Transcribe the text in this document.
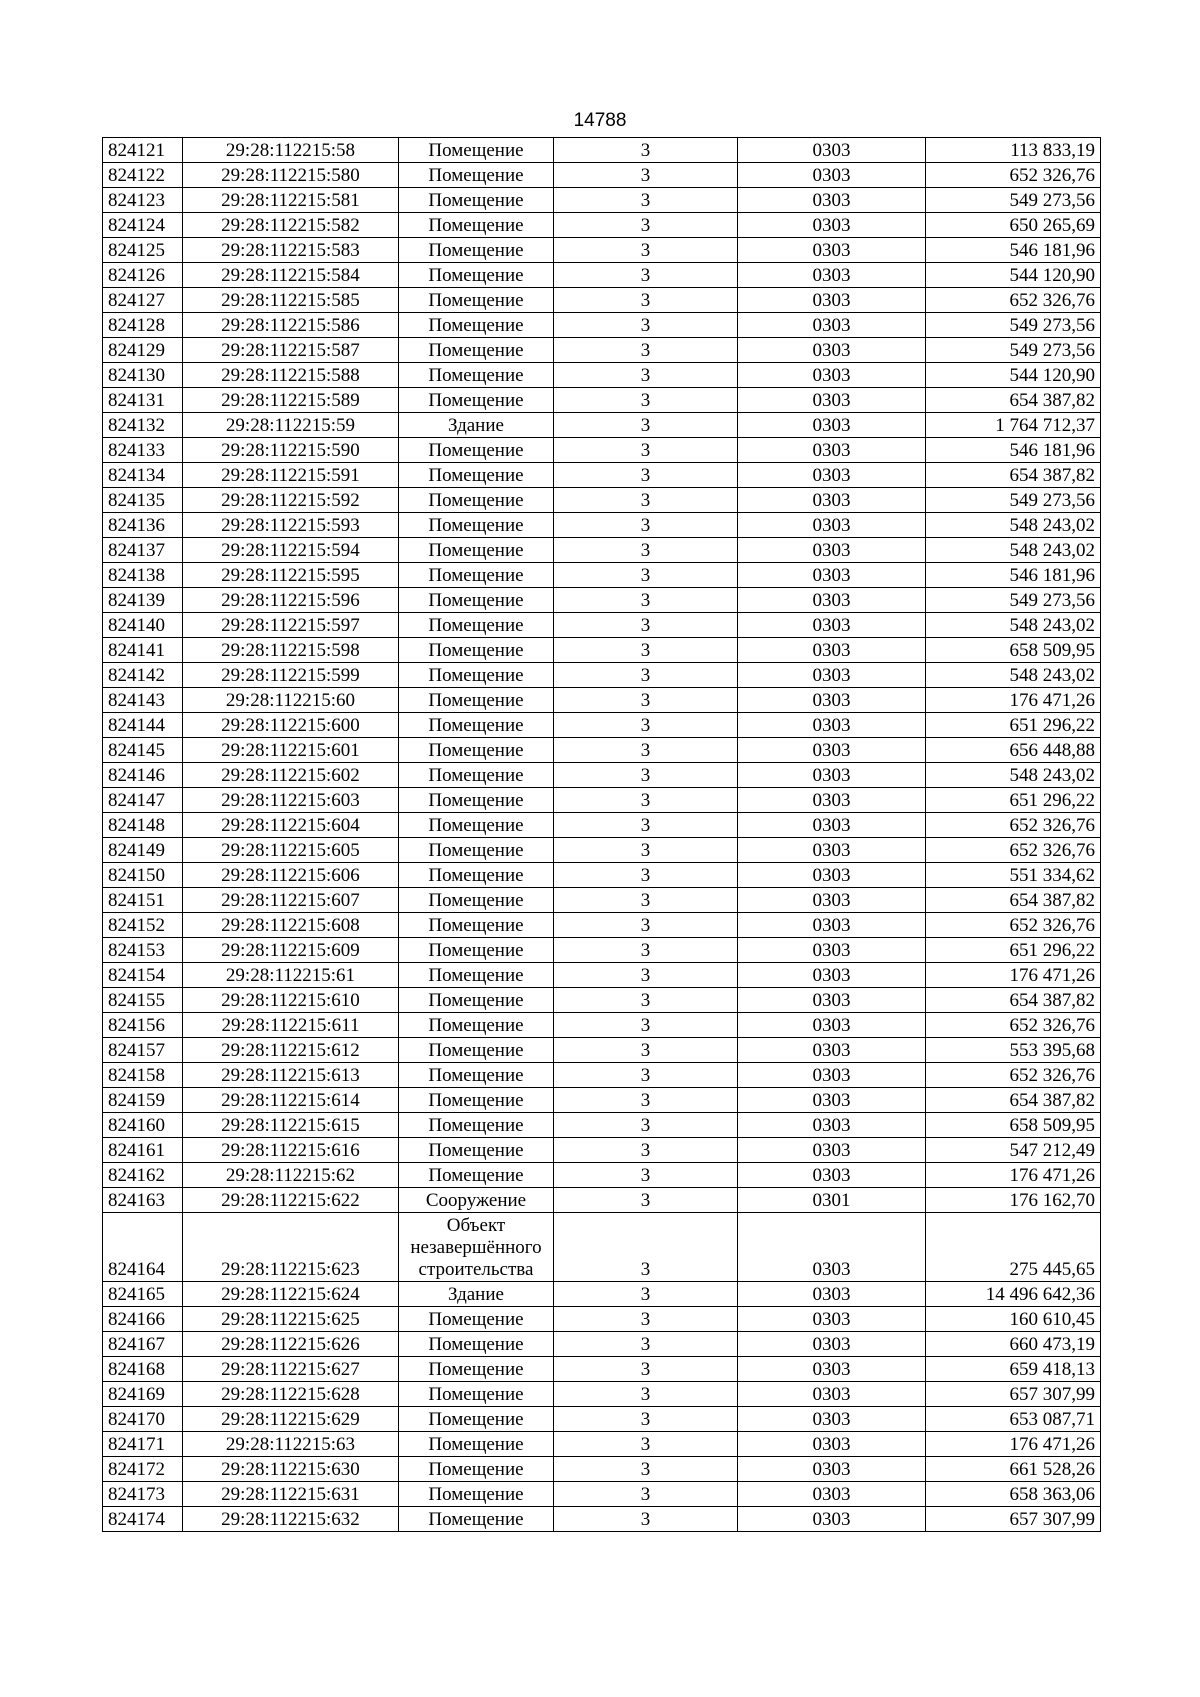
14788
824121	29:28:112215:58	Помещение	3	0303	113 833,19
824122	29:28:112215:580	Помещение	3	0303	652 326,76
824123	29:28:112215:581	Помещение	3	0303	549 273,56
824124	29:28:112215:582	Помещение	3	0303	650 265,69
824125	29:28:112215:583	Помещение	3	0303	546 181,96
824126	29:28:112215:584	Помещение	3	0303	544 120,90
824127	29:28:112215:585	Помещение	3	0303	652 326,76
824128	29:28:112215:586	Помещение	3	0303	549 273,56
824129	29:28:112215:587	Помещение	3	0303	549 273,56
824130	29:28:112215:588	Помещение	3	0303	544 120,90
824131	29:28:112215:589	Помещение	3	0303	654 387,82
824132	29:28:112215:59	Здание	3	0303	1 764 712,37
824133	29:28:112215:590	Помещение	3	0303	546 181,96
824134	29:28:112215:591	Помещение	3	0303	654 387,82
824135	29:28:112215:592	Помещение	3	0303	549 273,56
824136	29:28:112215:593	Помещение	3	0303	548 243,02
824137	29:28:112215:594	Помещение	3	0303	548 243,02
824138	29:28:112215:595	Помещение	3	0303	546 181,96
824139	29:28:112215:596	Помещение	3	0303	549 273,56
824140	29:28:112215:597	Помещение	3	0303	548 243,02
824141	29:28:112215:598	Помещение	3	0303	658 509,95
824142	29:28:112215:599	Помещение	3	0303	548 243,02
824143	29:28:112215:60	Помещение	3	0303	176 471,26
824144	29:28:112215:600	Помещение	3	0303	651 296,22
824145	29:28:112215:601	Помещение	3	0303	656 448,88
824146	29:28:112215:602	Помещение	3	0303	548 243,02
824147	29:28:112215:603	Помещение	3	0303	651 296,22
824148	29:28:112215:604	Помещение	3	0303	652 326,76
824149	29:28:112215:605	Помещение	3	0303	652 326,76
824150	29:28:112215:606	Помещение	3	0303	551 334,62
824151	29:28:112215:607	Помещение	3	0303	654 387,82
824152	29:28:112215:608	Помещение	3	0303	652 326,76
824153	29:28:112215:609	Помещение	3	0303	651 296,22
824154	29:28:112215:61	Помещение	3	0303	176 471,26
824155	29:28:112215:610	Помещение	3	0303	654 387,82
824156	29:28:112215:611	Помещение	3	0303	652 326,76
824157	29:28:112215:612	Помещение	3	0303	553 395,68
824158	29:28:112215:613	Помещение	3	0303	652 326,76
824159	29:28:112215:614	Помещение	3	0303	654 387,82
824160	29:28:112215:615	Помещение	3	0303	658 509,95
824161	29:28:112215:616	Помещение	3	0303	547 212,49
824162	29:28:112215:62	Помещение	3	0303	176 471,26
824163	29:28:112215:622	Сооружение	3	0301	176 162,70
824164	29:28:112215:623	Объект незавершённого строительства	3	0303	275 445,65
824165	29:28:112215:624	Здание	3	0303	14 496 642,36
824166	29:28:112215:625	Помещение	3	0303	160 610,45
824167	29:28:112215:626	Помещение	3	0303	660 473,19
824168	29:28:112215:627	Помещение	3	0303	659 418,13
824169	29:28:112215:628	Помещение	3	0303	657 307,99
824170	29:28:112215:629	Помещение	3	0303	653 087,71
824171	29:28:112215:63	Помещение	3	0303	176 471,26
824172	29:28:112215:630	Помещение	3	0303	661 528,26
824173	29:28:112215:631	Помещение	3	0303	658 363,06
824174	29:28:112215:632	Помещение	3	0303	657 307,99
